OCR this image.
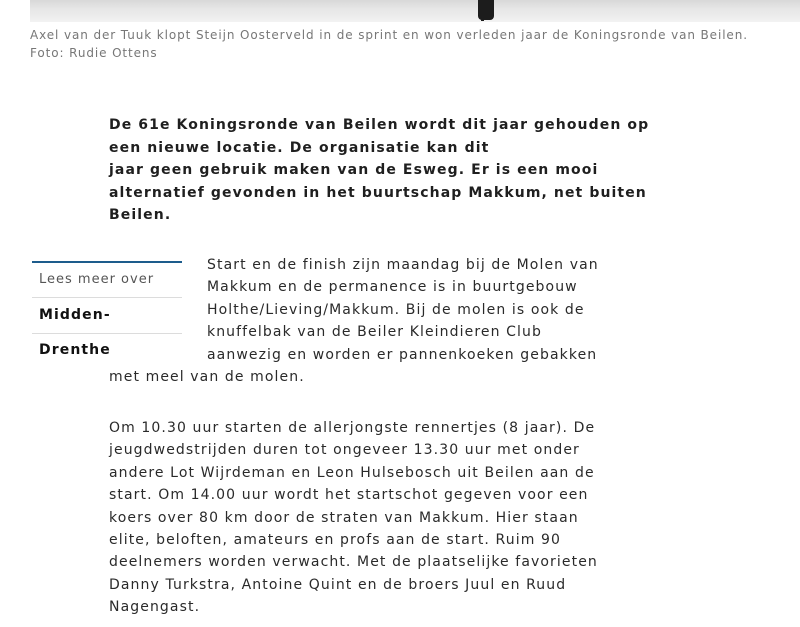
Axel van der Tuuk klopt Steijn Oosterveld in de sprint en won verleden jaar de Koningsronde van Beilen.
Foto: Rudie Ottens
De 61e Koningsronde van Beilen wordt dit jaar gehouden op
een nieuwe locatie. De organisatie kan dit
jaar geen gebruik maken van de Esweg. Er is een mooi
alternatief gevonden in het buurtschap Makkum, net buiten
Beilen.
Lees meer over
Midden-Drenthe
Start en de finish zijn maandag bij de Molen van
Makkum en de permanence is in buurtgebouw
Holthe/Lieving/Makkum. Bij de molen is ook de
knuffelbak van de Beiler Kleindieren Club
aanwezig en worden er pannenkoeken gebakken
met meel van de molen.
Om 10.30 uur starten de allerjongste rennertjes (8 jaar). De
jeugdwedstrijden duren tot ongeveer 13.30 uur met onder
andere Lot Wijrdeman en Leon Hulsebosch uit Beilen aan de
start. Om 14.00 uur wordt het startschot gegeven voor een
koers over 80 km door de straten van Makkum. Hier staan
elite, beloften, amateurs en profs aan de start. Ruim 90
deelnemers worden verwacht. Met de plaatselijke favorieten
Danny Turkstra, Antoine Quint en de broers Juul en Ruud
Nagengast.
